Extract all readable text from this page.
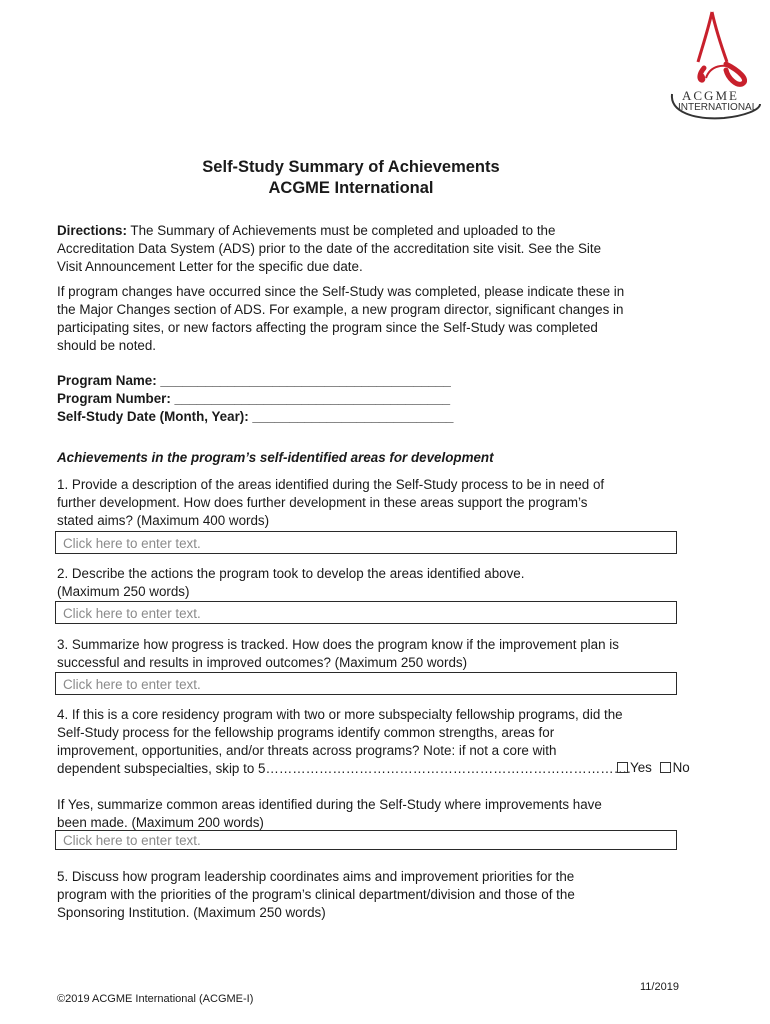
ACGME
INTERNATIONAL
Self-Study Summary of Achievements
ACGME International
Directions: The Summary of Achievements must be completed and uploaded to the
Accreditation Data System (ADS) prior to the date of the accreditation site visit. See the Site
Visit Announcement Letter for the specific due date.
If program changes have occurred since the Self-Study was completed, please indicate these in
the Major Changes section of ADS. For example, a new program director, significant changes in
participating sites, or new factors affecting the program since the Self-Study was completed
should be noted.
Program Name: _______________________________________
Program Number: _____________________________________
Self-Study Date (Month, Year): ___________________________
Achievements in the program’s self-identified areas for development
1. Provide a description of the areas identified during the Self-Study process to be in need of
further development. How does further development in these areas support the program’s
stated aims? (Maximum 400 words)
Click here to enter text.
2. Describe the actions the program took to develop the areas identified above.
(Maximum 250 words)
Click here to enter text.
3. Summarize how progress is tracked. How does the program know if the improvement plan is
successful and results in improved outcomes? (Maximum 250 words)
Click here to enter text.
4. If this is a core residency program with two or more subspecialty fellowship programs, did the
Self-Study process for the fellowship programs identify common strengths, areas for
improvement, opportunities, and/or threats across programs? Note: if not a core with
dependent subspecialties, skip to 5………………………………………………………………………. Yes No
If Yes, summarize common areas identified during the Self-Study where improvements have
been made. (Maximum 200 words)
Click here to enter text.
5. Discuss how program leadership coordinates aims and improvement priorities for the
program with the priorities of the program’s clinical department/division and those of the
Sponsoring Institution. (Maximum 250 words)
11/2019
©2019 ACGME International (ACGME-I)
